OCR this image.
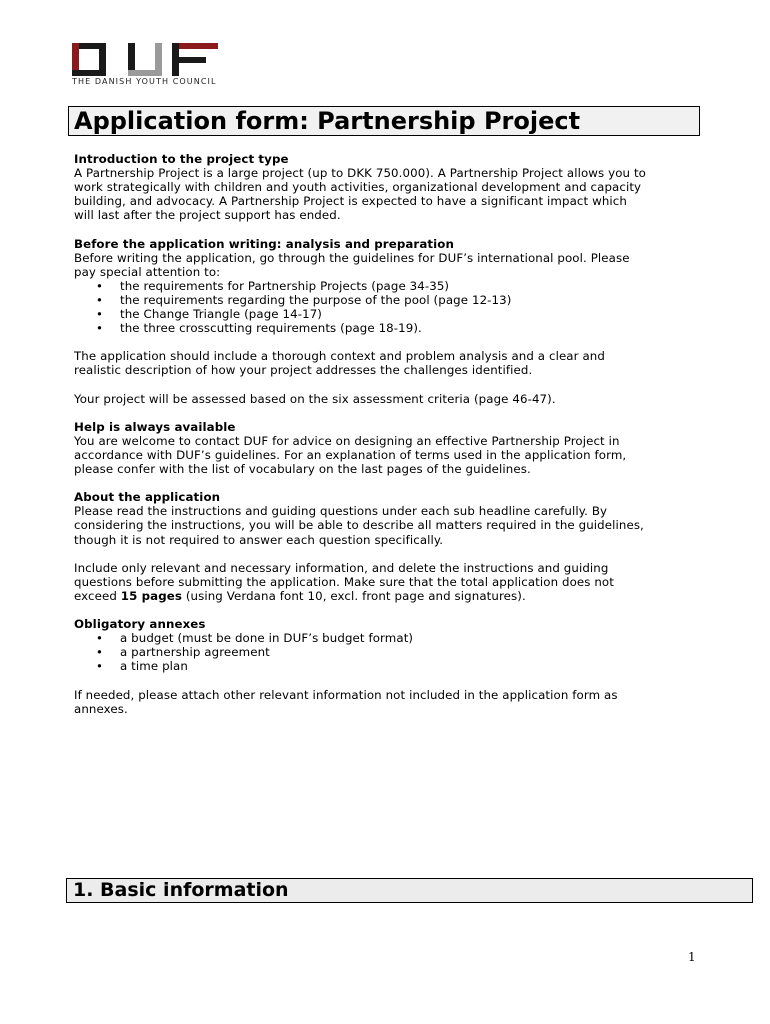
THE DANISH YOUTH COUNCIL
Application form: Partnership Project
Introduction to the project type

A Partnership Project is a large project (up to DKK 750.000). A Partnership Project allows you to

work strategically with children and youth activities, organizational development and capacity

building, and advocacy. A Partnership Project is expected to have a significant impact which

will last after the project support has ended.

Before the application writing: analysis and preparation

Before writing the application, go through the guidelines for DUF’s international pool. Please

pay special attention to:

• the requirements for Partnership Projects (page 34-35)
• the requirements regarding the purpose of the pool (page 12-13)
• the Change Triangle (page 14-17)
• the three crosscutting requirements (page 18-19).

The application should include a thorough context and problem analysis and a clear and

realistic description of how your project addresses the challenges identified.

Your project will be assessed based on the six assessment criteria (page 46-47).

Help is always available

You are welcome to contact DUF for advice on designing an effective Partnership Project in

accordance with DUF’s guidelines. For an explanation of terms used in the application form,

please confer with the list of vocabulary on the last pages of the guidelines.

About the application

Please read the instructions and guiding questions under each sub headline carefully. By

considering the instructions, you will be able to describe all matters required in the guidelines,

though it is not required to answer each question specifically.

Include only relevant and necessary information, and delete the instructions and guiding

questions before submitting the application. Make sure that the total application does not

exceed 15 pages (using Verdana font 10, excl. front page and signatures).

Obligatory annexes
• a budget (must be done in DUF’s budget format)
• a partnership agreement
• a time plan

If needed, please attach other relevant information not included in the application form as

annexes.

1. Basic information
1
